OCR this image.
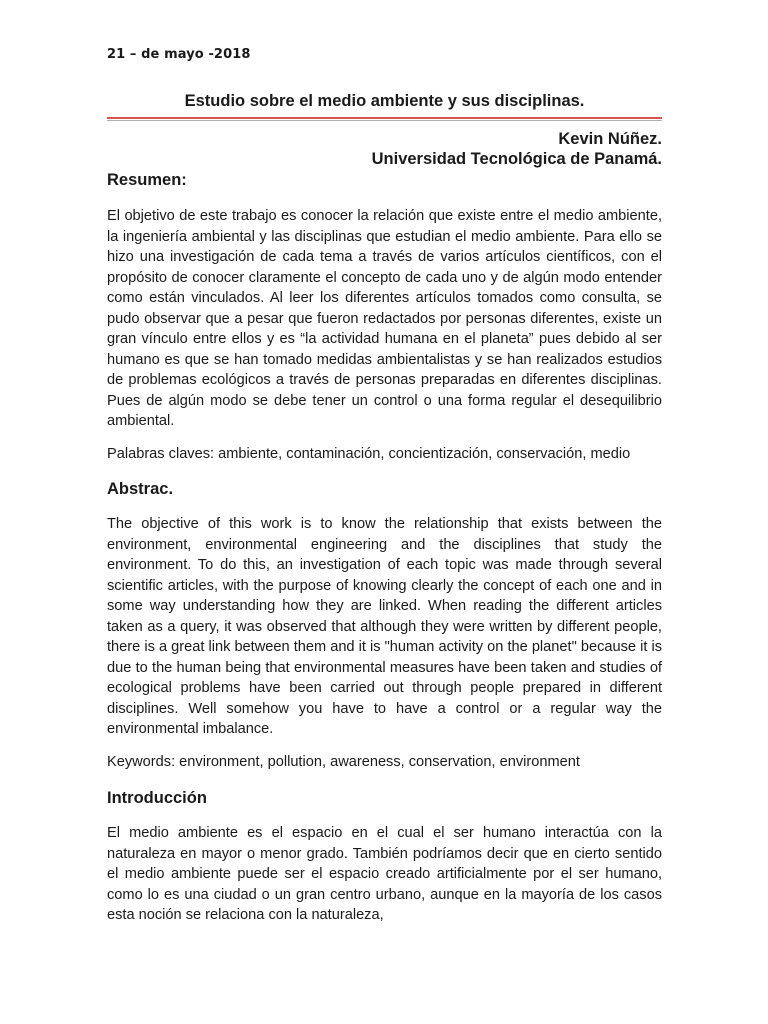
21 – de mayo -2018
Estudio sobre el medio ambiente y sus disciplinas.
Kevin Núñez.
Universidad Tecnológica de Panamá.
Resumen:
El objetivo de este trabajo es conocer la relación que existe entre el medio ambiente, la ingeniería ambiental y las disciplinas que estudian el medio ambiente. Para ello se hizo una investigación de cada tema a través de varios artículos científicos, con el propósito de conocer claramente el concepto de cada uno y de algún modo entender como están vinculados. Al leer los diferentes artículos tomados como consulta, se pudo observar que a pesar que fueron redactados por personas diferentes, existe un gran vínculo entre ellos y es “la actividad humana en el planeta” pues debido al ser humano es que se han tomado medidas ambientalistas y se han realizados estudios de problemas ecológicos a través de personas preparadas en diferentes disciplinas. Pues de algún modo se debe tener un control o una forma regular el desequilibrio ambiental.
Palabras claves: ambiente, contaminación, concientización, conservación, medio
Abstrac.
The objective of this work is to know the relationship that exists between the environment, environmental engineering and the disciplines that study the environment. To do this, an investigation of each topic was made through several scientific articles, with the purpose of knowing clearly the concept of each one and in some way understanding how they are linked. When reading the different articles taken as a query, it was observed that although they were written by different people, there is a great link between them and it is "human activity on the planet" because it is due to the human being that environmental measures have been taken and studies of ecological problems have been carried out through people prepared in different disciplines. Well somehow you have to have a control or a regular way the environmental imbalance.
Keywords: environment, pollution, awareness, conservation, environment
Introducción
El medio ambiente es el espacio en el cual el ser humano interactúa con la naturaleza en mayor o menor grado. También podríamos decir que en cierto sentido el medio ambiente puede ser el espacio creado artificialmente por el ser humano, como lo es una ciudad o un gran centro urbano, aunque en la mayoría de los casos esta noción se relaciona con la naturaleza,
